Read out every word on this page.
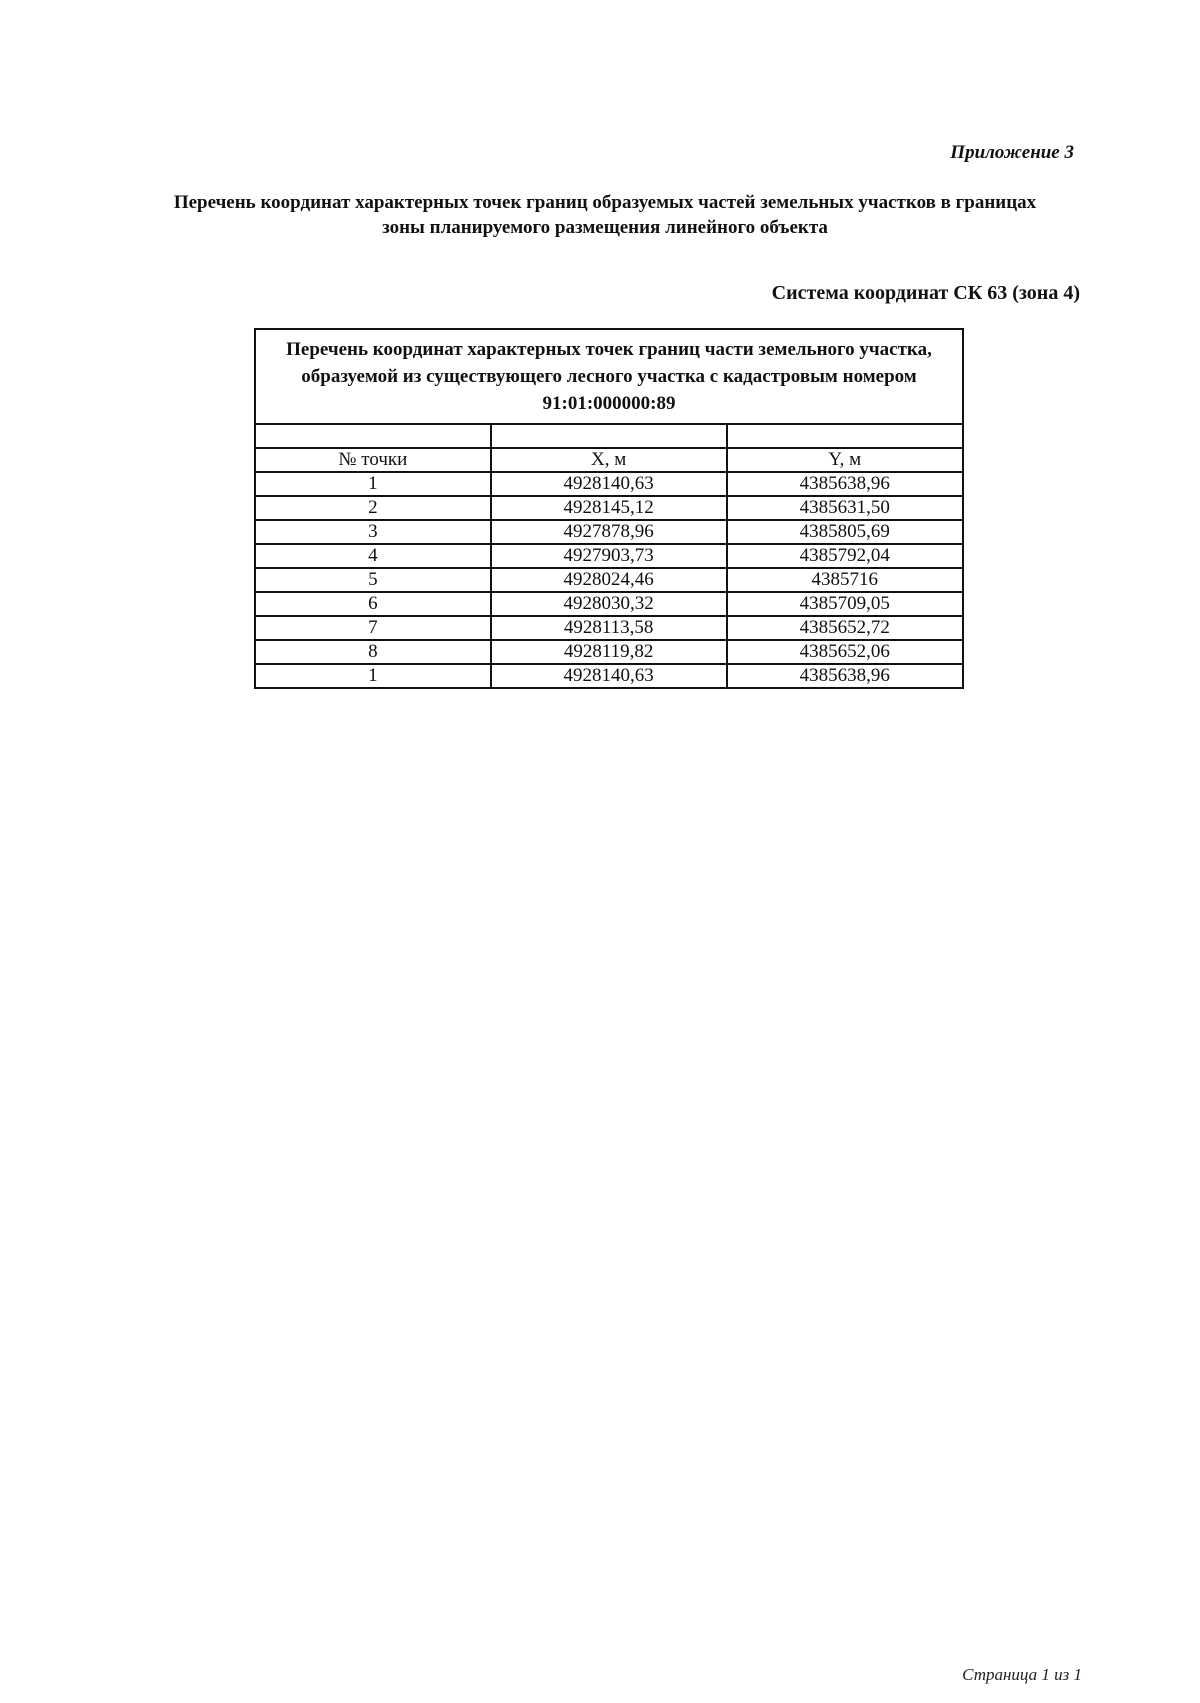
Приложение 3
Перечень координат характерных точек границ образуемых частей земельных участков в границах
зоны планируемого размещения линейного объекта
Система координат СК 63 (зона 4)
Перечень координат характерных точек границ части земельного участка,
образуемой из существующего лесного участка с кадастровым номером
91:01:000000:89		

№ точки	X, м	Y, м
1	4928140,63	4385638,96
2	4928145,12	4385631,50
3	4927878,96	4385805,69
4	4927903,73	4385792,04
5	4928024,46	4385716
6	4928030,32	4385709,05
7	4928113,58	4385652,72
8	4928119,82	4385652,06
1	4928140,63	4385638,96
Страница 1 из 1
